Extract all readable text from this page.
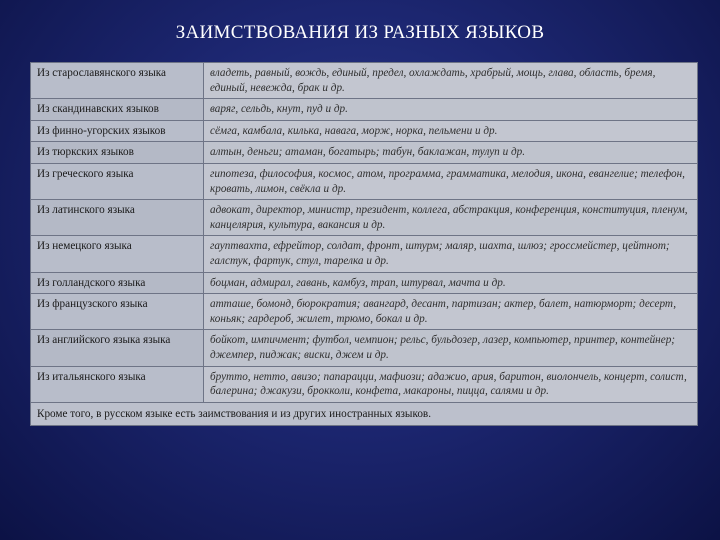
ЗАИМСТВОВАНИЯ ИЗ РАЗНЫХ ЯЗЫКОВ
Из старославянского языка	владеть, равный, вождь, единый, предел, охлаждать, храбрый, мощь, глава, область, бремя, единый, невежда, брак и др.
Из скандинавских языков	варяг, сельдь, кнут, пуд и др.
Из финно-угорских языков	сёмга, камбала, килька, навага, морж, норка, пельмени и др.
Из тюркских языков	алтын, деньги; атаман, богатырь; табун, баклажан, тулуп и др.
Из греческого языка	гипотеза, философия, космос, атом, программа, грамматика, мелодия, икона, евангелие; телефон, кровать, лимон, свёкла и др.
Из латинского языка	адвокат, директор, министр, президент, коллега, абстракция, конференция, конституция, пленум, канцелярия, культура, вакансия и др.
Из немецкого языка	гауптвахта, ефрейтор, солдат, фронт, штурм; маляр, шахта, шлюз; гроссмейстер, цейтнот; галстук, фартук, стул, тарелка и др.
Из голландского языка	боцман, адмирал, гавань, камбуз, трап, штурвал, мачта и др.
Из французского языка	атташе, бомонд, бюрократия; авангард, десант, партизан; актер, балет, натюрморт; десерт, коньяк; гардероб, жилет, трюмо, бокал и др.
Из английского языка языка	бойкот, импичмент; футбол, чемпион; рельс, бульдозер, лазер, компьютер, принтер, контейнер; джемпер, пиджак; виски, джем и др.
Из итальянского языка	брутто, нетто, авизо; папарацци, мафиози; адажио, ария, баритон, виолончель, концерт, солист, балерина; джакузи, брокколи, конфета, макароны, пицца, салями и др.
Кроме того, в русском языке есть заимствования и из других иностранных языков.	
